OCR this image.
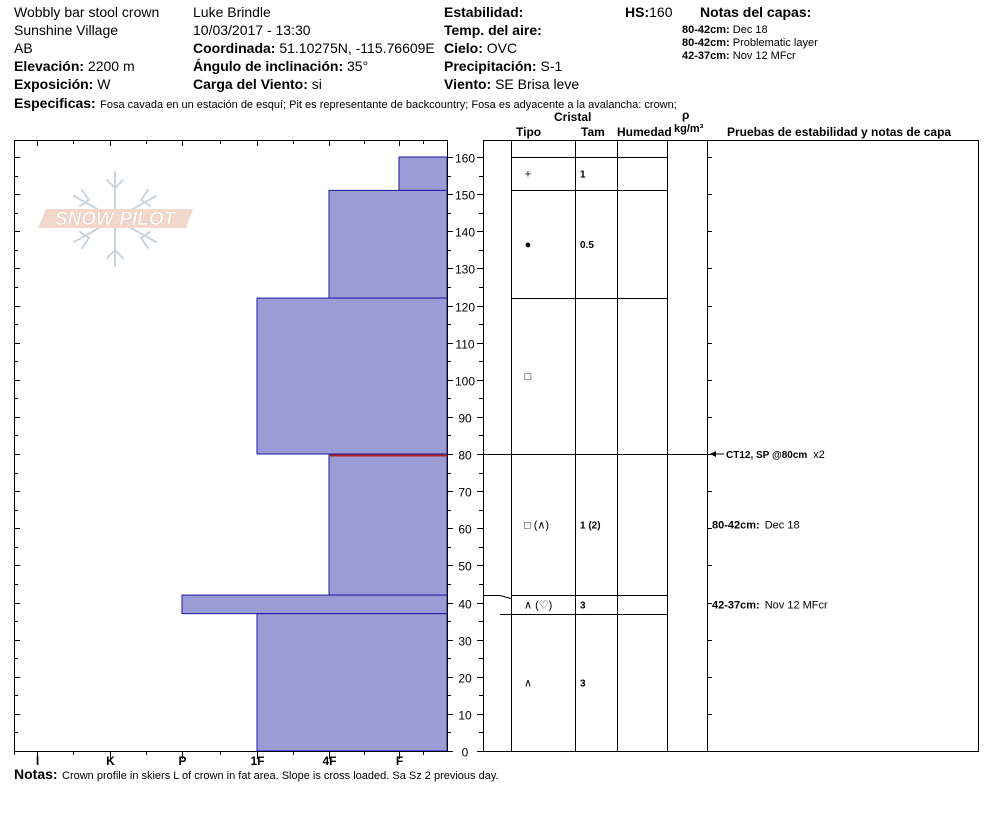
Wobbly bar stool crown
Sunshine Village
AB
Elevación: 2200 m
Exposición: W
Luke Brindle
10/03/2017 - 13:30
Coordinada: 51.10275N, -115.76609E
Ángulo de inclinación: 35°
Carga del Viento: si
Estabilidad:
Temp. del aire:
Cielo: OVC
Precipitación: S-1
Viento: SE Brisa leve
HS:160 Notas del capas:
80-42cm: Dec 18
80-42cm: Problematic layer
42-37cm: Nov 12 MFcr
Especificas: Fosa cavada en un estación de esquí; Pit es representante de backcountry; Fosa es adyacente a la avalancha: crown;
Cristal
Tipo	Tam Humedad
ρ
kg/m³ Pruebas de estabilidad y notas de capa
SNOW PILOT
+	1
●	0.5
□
□ (∧)	1 (2)
∧ (♡)	3
∧	3
I	K	P	1F	4F	F
0
10
20
30
40
50
60
70
80
90
100
110
120
130
140
150
160
CT12, SP @80cm x2
80-42cm: Dec 18
42-37cm: Nov 12 MFcr
Notas: Crown profile in skiers L of crown in fat area. Slope is cross loaded. Sa Sz 2 previous day.
